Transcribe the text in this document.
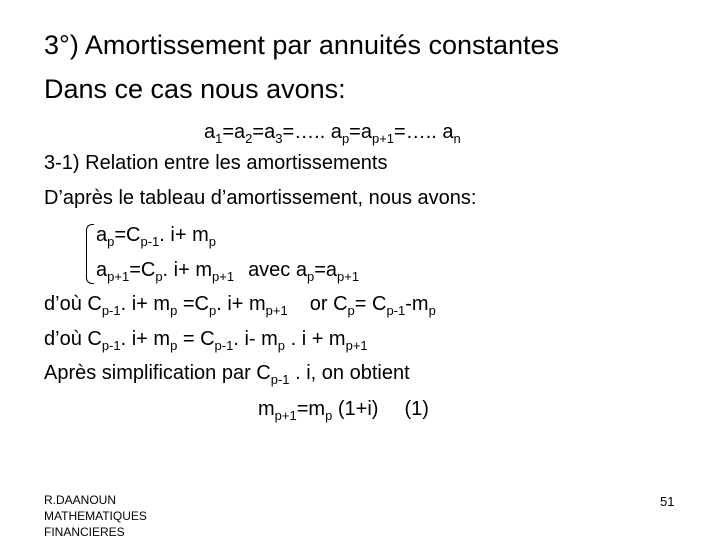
3°) Amortissement par annuités constantes
Dans ce cas nous avons:
$a_1=a_2=a_3=\dots$.. $a_p=a_{p+1}=\dots$.. $a_n$
3-1) Relation entre les amortissements
D’après le tableau d’amortissement, nous avons:
$a_p=C_{p-1}$. $i+ m_p$
$a_{p+1}=C_p$. $i+ m_{p+1}$ avec $a_p=a_{p+1}$
d’où $C_{p-1}$. $i+ m_p =C_p$. $i+ m_{p+1}$ or $C_p= C_{p-1}-m_p$
d’où $C_{p-1}$. $i+ m_p = C_{p-1}$. i- $m_p$ . $i + m_{p+1}$
Après simplification par $C_{p-1}$ . i, on obtient
$m_{p+1}=m_p$ (1+i) (1)
R.DAANOUN
MATHEMATIQUES
FINANCIERES
51
